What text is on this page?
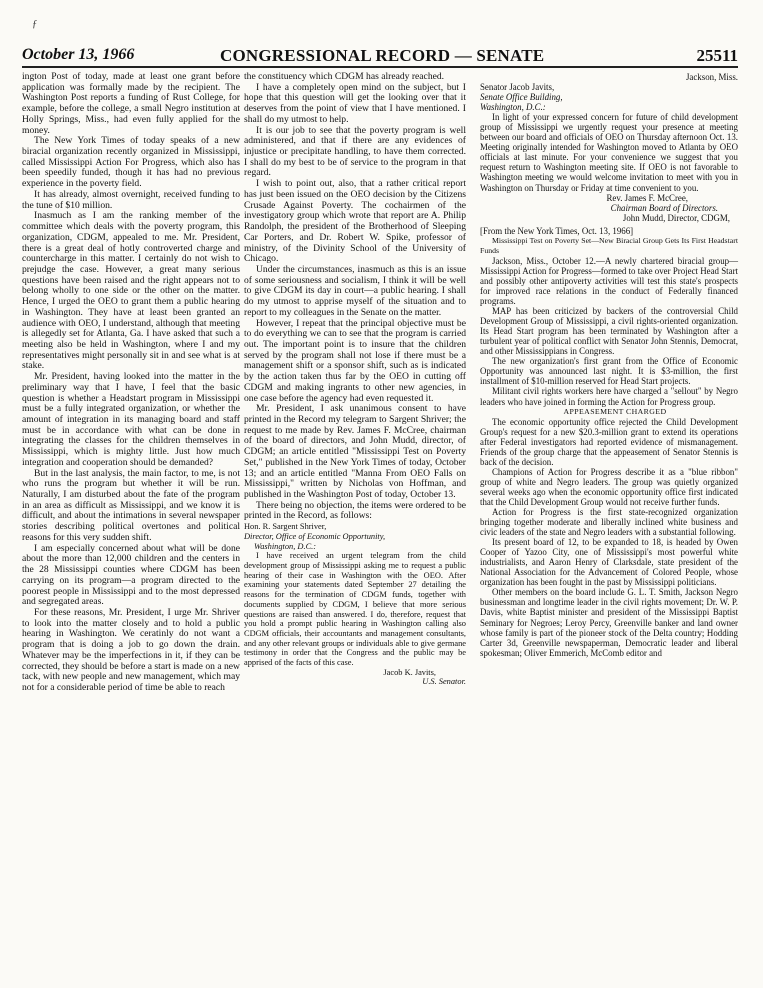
ƒ
October 13, 1966	CONGRESSIONAL RECORD — SENATE	25511

ington Post of today, made at least one grant before application was formally made by the recipient. The Washington Post reports a funding of Rust College, for example, before the college, a small Negro institution at Holly Springs, Miss., had even fully applied for the money.

The New York Times of today speaks of a new biracial organization recently organized in Mississippi, called Mississippi Action For Progress, which also has been speedily funded, though it has had no previous experience in the poverty field.

It has already, almost overnight, received funding to the tune of $10 million.

Inasmuch as I am the ranking member of the committee which deals with the poverty program, this organization, CDGM, appealed to me. Mr. President, there is a great deal of hotly controverted charge and countercharge in this matter. I certainly do not wish to prejudge the case. However, a great many serious questions have been raised and the right appears not to belong wholly to one side or the other on the matter. Hence, I urged the OEO to grant them a public hearing in Washington. They have at least been granted an audience with OEO, I understand, although that meeting is allegedly set for Atlanta, Ga. I have asked that such a meeting also be held in Washington, where I and my representatives might personally sit in and see what is at stake.

Mr. President, having looked into the matter in the preliminary way that I have, I feel that the basic question is whether a Headstart program in Mississippi must be a fully integrated organization, or whether the amount of integration in its managing board and staff must be in accordance with what can be done in integrating the classes for the children themselves in Mississippi, which is mighty little. Just how much integration and cooperation should be demanded?

But in the last analysis, the main factor, to me, is not who runs the program but whether it will be run. Naturally, I am disturbed about the fate of the program in an area as difficult as Mississippi, and we know it is difficult, and about the intimations in several newspaper stories describing political overtones and political reasons for this very sudden shift.

I am especially concerned about what will be done about the more than 12,000 children and the centers in the 28 Mississippi counties where CDGM has been carrying on its program—a program directed to the poorest people in Mississippi and to the most depressed and segregated areas.

For these reasons, Mr. President, I urge Mr. Shriver to look into the matter closely and to hold a public hearing in Washington. We ceratinly do not want a program that is doing a job to go down the drain. Whatever may be the imperfections in it, if they can be corrected, they should be before a start is made on a new tack, with new people and new management, which may not for a considerable period of time be able to reach

the constituency which CDGM has already reached.

I have a completely open mind on the subject, but I hope that this question will get the looking over that it deserves from the point of view that I have mentioned. I shall do my utmost to help.

It is our job to see that the poverty program is well administered, and that if there are any evidences of injustice or precipitate handling, to have them corrected. I shall do my best to be of service to the program in that regard.

I wish to point out, also, that a rather critical report has just been issued on the OEO decision by the Citizens Crusade Against Poverty. The cochairmen of the investigatory group which wrote that report are A. Philip Randolph, the president of the Brotherhood of Sleeping Car Porters, and Dr. Robert W. Spike, professor of ministry, of the Divinity School of the University of Chicago.

Under the circumstances, inasmuch as this is an issue of some seriousness and socialism, I think it will be well to give CDGM its day in court—a public hearing. I shall do my utmost to apprise myself of the situation and to report to my colleagues in the Senate on the matter.

However, I repeat that the principal objective must be to do everything we can to see that the program is carried out. The important point is to insure that the children served by the program shall not lose if there must be a management shift or a sponsor shift, such as is indicated by the action taken thus far by the OEO in cutting off CDGM and making ingrants to other new agencies, in one case before the agency had even requested it.

Mr. President, I ask unanimous consent to have printed in the Record my telegram to Sargent Shriver; the request to me made by Rev. James F. McCree, chairman of the board of directors, and John Mudd, director, of CDGM; an article entitled "Mississippi Test on Poverty Set," published in the New York Times of today, October 13; and an article entitled "Manna From OEO Falls on Mississippi," written by Nicholas von Hoffman, and published in the Washington Post of today, October 13.

There being no objection, the items were ordered to be printed in the Record, as follows:

Hon. R. Sargent Shriver,

Director, Office of Economic Opportunity,

Washington, D.C.:

I have received an urgent telegram from the child development group of Mississippi asking me to request a public hearing of their case in Washington with the OEO. After examining your statements dated September 27 detailing the reasons for the termination of CDGM funds, together with documents supplied by CDGM, I believe that more serious questions are raised than answered. I do, therefore, request that you hold a prompt public hearing in Washington calling also CDGM officials, their accountants and management consultants, and any other relevant groups or individuals able to give germane testimony in order that the Congress and the public may be apprised of the facts of this case.

Jacob K. Javits,

U.S. Senator.

Jackson, Miss.

Senator Jacob Javits,

Senate Office Building,

Washington, D.C.:

In light of your expressed concern for future of child development group of Mississippi we urgently request your presence at meeting between our board and officials of OEO on Thursday afternoon Oct. 13. Meeting originally intended for Washington moved to Atlanta by OEO officials at last minute. For your convenience we suggest that you request return to Washington meeting site. If OEO is not favorable to Washington meeting we would welcome invitation to meet with you in Washington on Thursday or Friday at time convenient to you.

Rev. James F. McCree,

Chairman Board of Directors.

John Mudd, Director, CDGM,

[From the New York Times, Oct. 13, 1966]

Mississippi Test on Poverty Set—New Biracial Group Gets Its First Headstart Funds

Jackson, Miss., October 12.—A newly chartered biracial group—Mississippi Action for Progress—formed to take over Project Head Start and possibly other antipoverty activities will test this state's prospects for improved race relations in the conduct of Federally financed programs.

MAP has been criticized by backers of the controversial Child Development Group of Mississippi, a civil rights-oriented organization. Its Head Start program has been terminated by Washington after a turbulent year of political conflict with Senator John Stennis, Democrat, and other Mississippians in Congress.

The new organization's first grant from the Office of Economic Opportunity was announced last night. It is $3-million, the first installment of $10-million reserved for Head Start projects.

Militant civil rights workers here have charged a "sellout" by Negro leaders who have joined in forming the Action for Progress group.

APPEASEMENT CHARGED

The economic opportunity office rejected the Child Development Group's request for a new $20.3-million grant to extend its operations after Federal investigators had reported evidence of mismanagement. Friends of the group charge that the appeasement of Senator Stennis is back of the decision.

Champions of Action for Progress describe it as a "blue ribbon" group of white and Negro leaders. The group was quietly organized several weeks ago when the economic opportunity office first indicated that the Child Development Group would not receive further funds.

Action for Progress is the first state-recognized organization bringing together moderate and liberally inclined white business and civic leaders of the state and Negro leaders with a substantial following.

Its present board of 12, to be expanded to 18, is headed by Owen Cooper of Yazoo City, one of Mississippi's most powerful white industrialists, and Aaron Henry of Clarksdale, state president of the National Association for the Advancement of Colored People, whose organization has been fought in the past by Mississippi politicians.

Other members on the board include G. L. T. Smith, Jackson Negro businessman and longtime leader in the civil rights movement; Dr. W. P. Davis, white Baptist minister and president of the Mississippi Baptist Seminary for Negroes; Leroy Percy, Greenville banker and land owner whose family is part of the pioneer stock of the Delta country; Hodding Carter 3d, Greenville newspaperman, Democratic leader and liberal spokesman; Oliver Emmerich, McComb editor and
